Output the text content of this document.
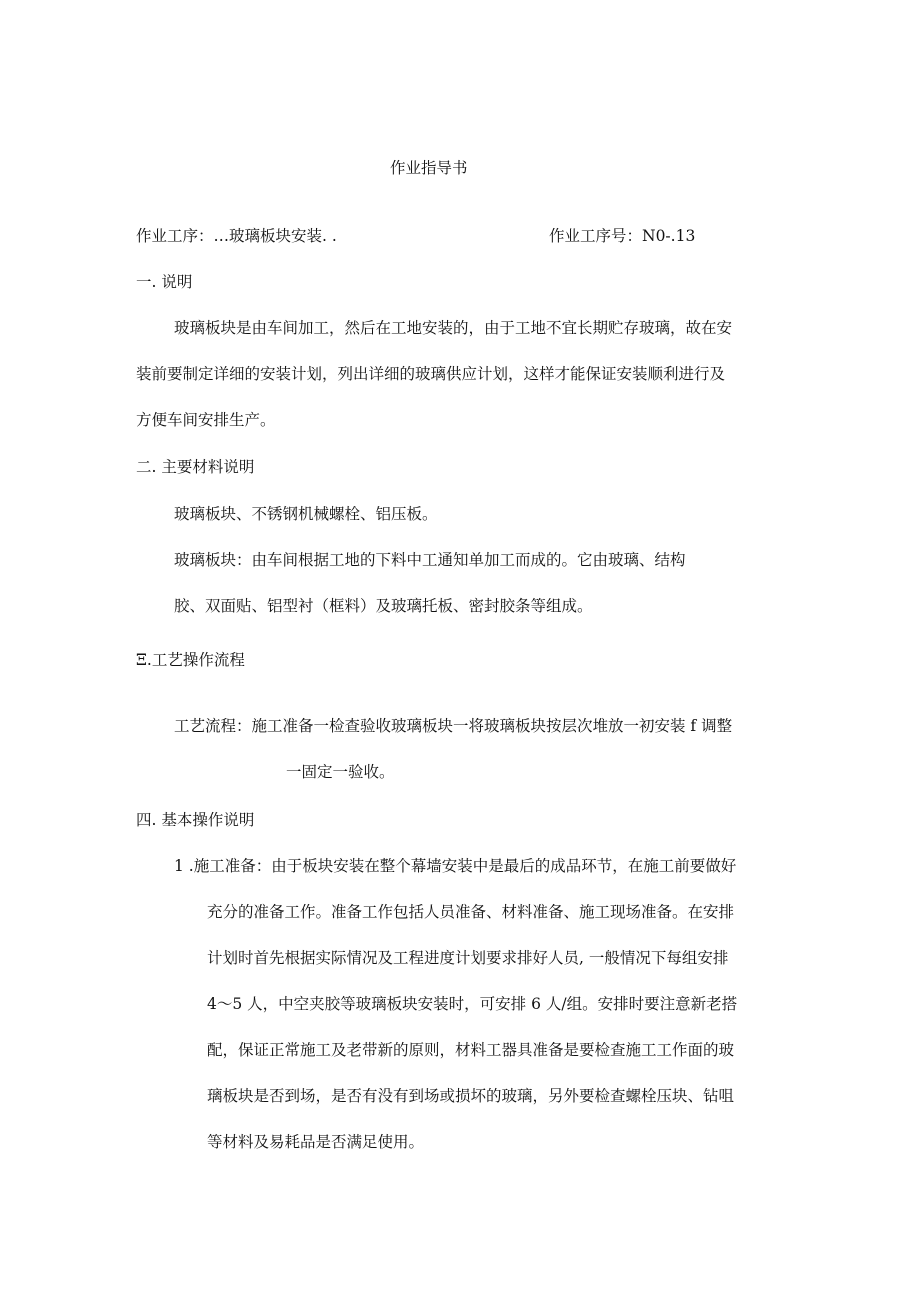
作业指导书
作业工序：…玻璃板块安装. .	作业工序号：N0-.13
一. 说明
玻璃板块是由车间加工，然后在工地安装的，由于工地不宜长期贮存玻璃，故在安
装前要制定详细的安装计划，列出详细的玻璃供应计划，这样才能保证安装顺利进行及
方便车间安排生产。
二. 主要材料说明
玻璃板块、不锈钢机械螺栓、铝压板。
玻璃板块：由车间根据工地的下料中工通知单加工而成的。它由玻璃、结构
胶、双面贴、铝型衬（框料）及玻璃托板、密封胶条等组成。
Ξ.工艺操作流程
工艺流程：施工准备一检查验收玻璃板块一将玻璃板块按层次堆放一初安装 f 调整
一固定一验收。
四. 基本操作说明
1 .施工准备：由于板块安装在整个幕墙安装中是最后的成品环节，在施工前要做好
充分的准备工作。准备工作包括人员准备、材料准备、施工现场准备。在安排
计划时首先根据实际情况及工程进度计划要求排好人员, 一般情况下每组安排
4～5 人，中空夹胶等玻璃板块安装时，可安排 6 人/组。安排时要注意新老搭
配，保证正常施工及老带新的原则，材料工器具准备是要检查施工工作面的玻
璃板块是否到场，是否有没有到场或损坏的玻璃，另外要检查螺栓压块、钻咀
等材料及易耗品是否满足使用。
